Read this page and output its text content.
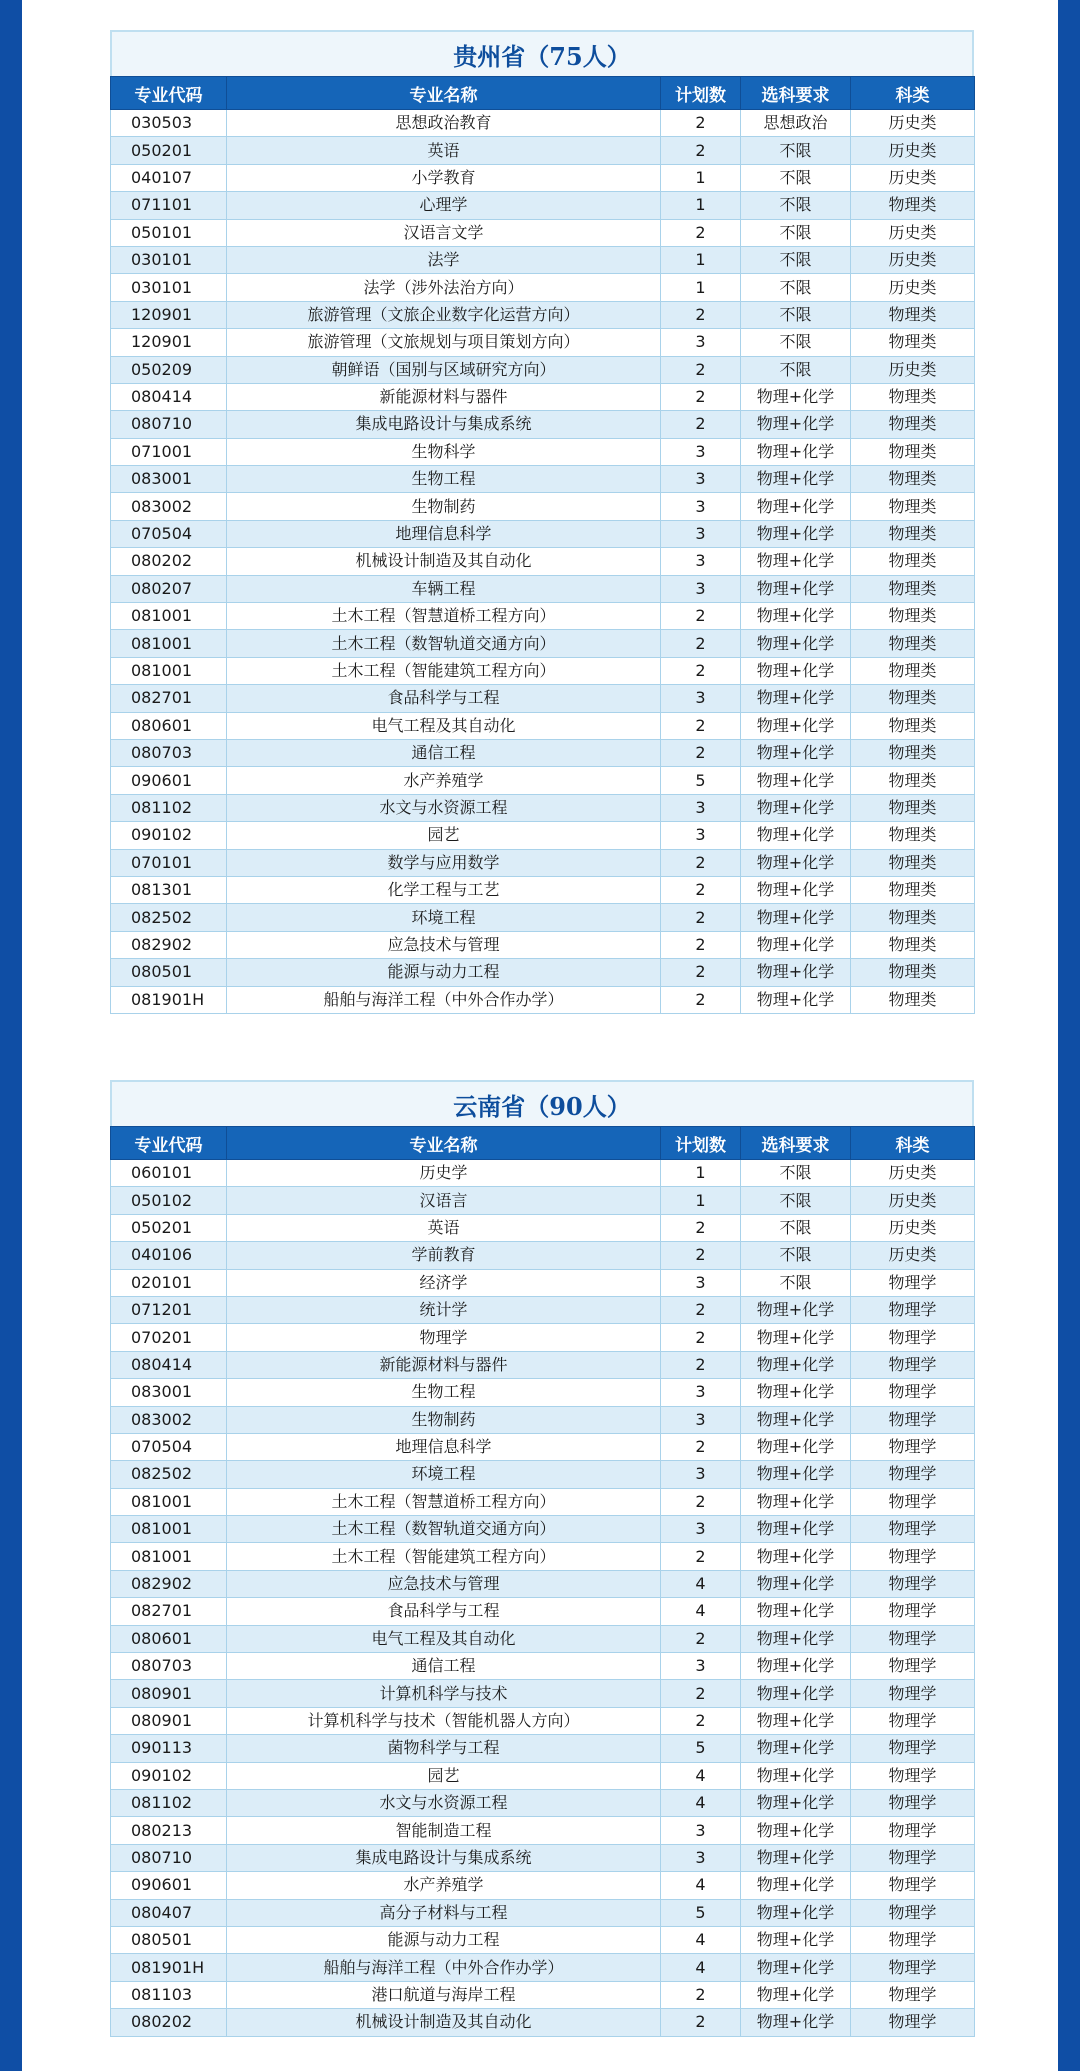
贵州省（75人）
专业代码	专业名称	计划数	选科要求	科类
030503	思想政治教育	2	思想政治	历史类
050201	英语	2	不限	历史类
040107	小学教育	1	不限	历史类
071101	心理学	1	不限	物理类
050101	汉语言文学	2	不限	历史类
030101	法学	1	不限	历史类
030101	法学（涉外法治方向）	1	不限	历史类
120901	旅游管理（文旅企业数字化运营方向）	2	不限	物理类
120901	旅游管理（文旅规划与项目策划方向）	3	不限	物理类
050209	朝鲜语（国别与区域研究方向）	2	不限	历史类
080414	新能源材料与器件	2	物理+化学	物理类
080710	集成电路设计与集成系统	2	物理+化学	物理类
071001	生物科学	3	物理+化学	物理类
083001	生物工程	3	物理+化学	物理类
083002	生物制药	3	物理+化学	物理类
070504	地理信息科学	3	物理+化学	物理类
080202	机械设计制造及其自动化	3	物理+化学	物理类
080207	车辆工程	3	物理+化学	物理类
081001	土木工程（智慧道桥工程方向）	2	物理+化学	物理类
081001	土木工程（数智轨道交通方向）	2	物理+化学	物理类
081001	土木工程（智能建筑工程方向）	2	物理+化学	物理类
082701	食品科学与工程	3	物理+化学	物理类
080601	电气工程及其自动化	2	物理+化学	物理类
080703	通信工程	2	物理+化学	物理类
090601	水产养殖学	5	物理+化学	物理类
081102	水文与水资源工程	3	物理+化学	物理类
090102	园艺	3	物理+化学	物理类
070101	数学与应用数学	2	物理+化学	物理类
081301	化学工程与工艺	2	物理+化学	物理类
082502	环境工程	2	物理+化学	物理类
082902	应急技术与管理	2	物理+化学	物理类
080501	能源与动力工程	2	物理+化学	物理类
081901H	船舶与海洋工程（中外合作办学）	2	物理+化学	物理类
云南省（90人）
专业代码	专业名称	计划数	选科要求	科类
060101	历史学	1	不限	历史类
050102	汉语言	1	不限	历史类
050201	英语	2	不限	历史类
040106	学前教育	2	不限	历史类
020101	经济学	3	不限	物理学
071201	统计学	2	物理+化学	物理学
070201	物理学	2	物理+化学	物理学
080414	新能源材料与器件	2	物理+化学	物理学
083001	生物工程	3	物理+化学	物理学
083002	生物制药	3	物理+化学	物理学
070504	地理信息科学	2	物理+化学	物理学
082502	环境工程	3	物理+化学	物理学
081001	土木工程（智慧道桥工程方向）	2	物理+化学	物理学
081001	土木工程（数智轨道交通方向）	3	物理+化学	物理学
081001	土木工程（智能建筑工程方向）	2	物理+化学	物理学
082902	应急技术与管理	4	物理+化学	物理学
082701	食品科学与工程	4	物理+化学	物理学
080601	电气工程及其自动化	2	物理+化学	物理学
080703	通信工程	3	物理+化学	物理学
080901	计算机科学与技术	2	物理+化学	物理学
080901	计算机科学与技术（智能机器人方向）	2	物理+化学	物理学
090113	菌物科学与工程	5	物理+化学	物理学
090102	园艺	4	物理+化学	物理学
081102	水文与水资源工程	4	物理+化学	物理学
080213	智能制造工程	3	物理+化学	物理学
080710	集成电路设计与集成系统	3	物理+化学	物理学
090601	水产养殖学	4	物理+化学	物理学
080407	高分子材料与工程	5	物理+化学	物理学
080501	能源与动力工程	4	物理+化学	物理学
081901H	船舶与海洋工程（中外合作办学）	4	物理+化学	物理学
081103	港口航道与海岸工程	2	物理+化学	物理学
080202	机械设计制造及其自动化	2	物理+化学	物理学
